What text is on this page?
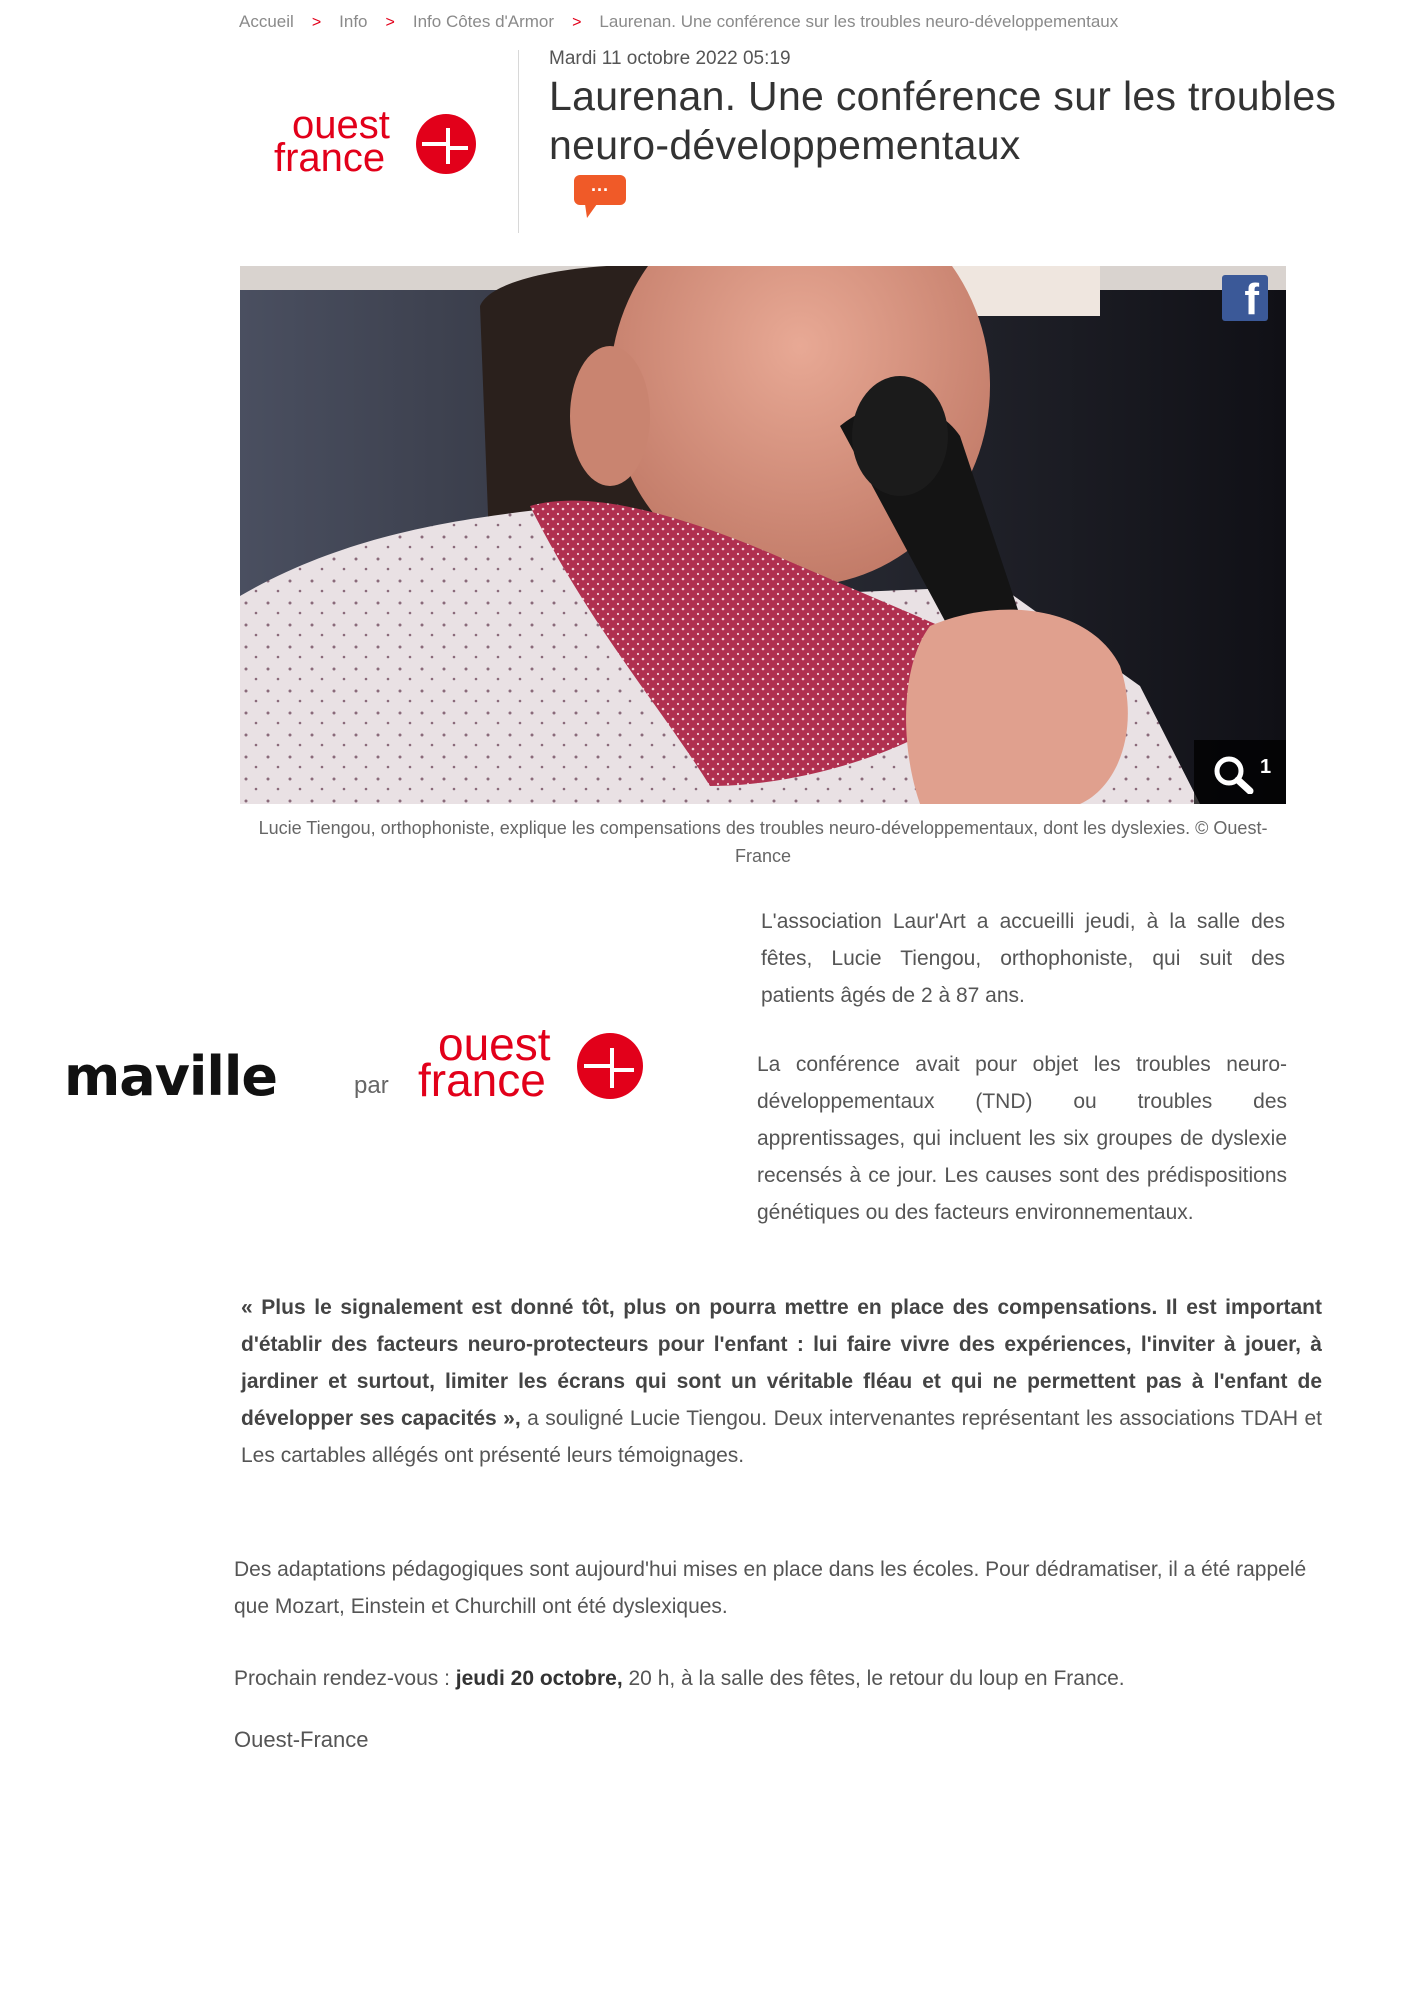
Accueil > Info > Info Côtes d'Armor > Laurenan. Une conférence sur les troubles neuro-développementaux
ouest
france
Mardi 11 octobre 2022 05:19
Laurenan. Une conférence sur les troubles neuro-développementaux
···
f
1
Lucie Tiengou, orthophoniste, explique les compensations des troubles neuro-développementaux, dont les dyslexies. © Ouest-France

L'association Laur'Art a accueilli jeudi, à la salle des fêtes, Lucie Tiengou, orthophoniste, qui suit des patients âgés de 2 à 87 ans.

maville	par
ouest
france	La conférence avait pour objet les troubles neuro-développementaux (TND) ou troubles des apprentissages, qui incluent les six groupes de dyslexie recensés à ce jour. Les causes sont des prédispositions génétiques ou des facteurs environnementaux.

« Plus le signalement est donné tôt, plus on pourra mettre en place des compensations. Il est important d'établir des facteurs neuro-protecteurs pour l'enfant : lui faire vivre des expériences, l'inviter à jouer, à jardiner et surtout, limiter les écrans qui sont un véritable fléau et qui ne permettent pas à l'enfant de développer ses capacités », a souligné Lucie Tiengou. Deux intervenantes représentant les associations TDAH et Les cartables allégés ont présenté leurs témoignages.

Des adaptations pédagogiques sont aujourd'hui mises en place dans les écoles. Pour dédramatiser, il a été rappelé que Mozart, Einstein et Churchill ont été dyslexiques.

Prochain rendez-vous : jeudi 20 octobre, 20 h, à la salle des fêtes, le retour du loup en France.

Ouest-France
